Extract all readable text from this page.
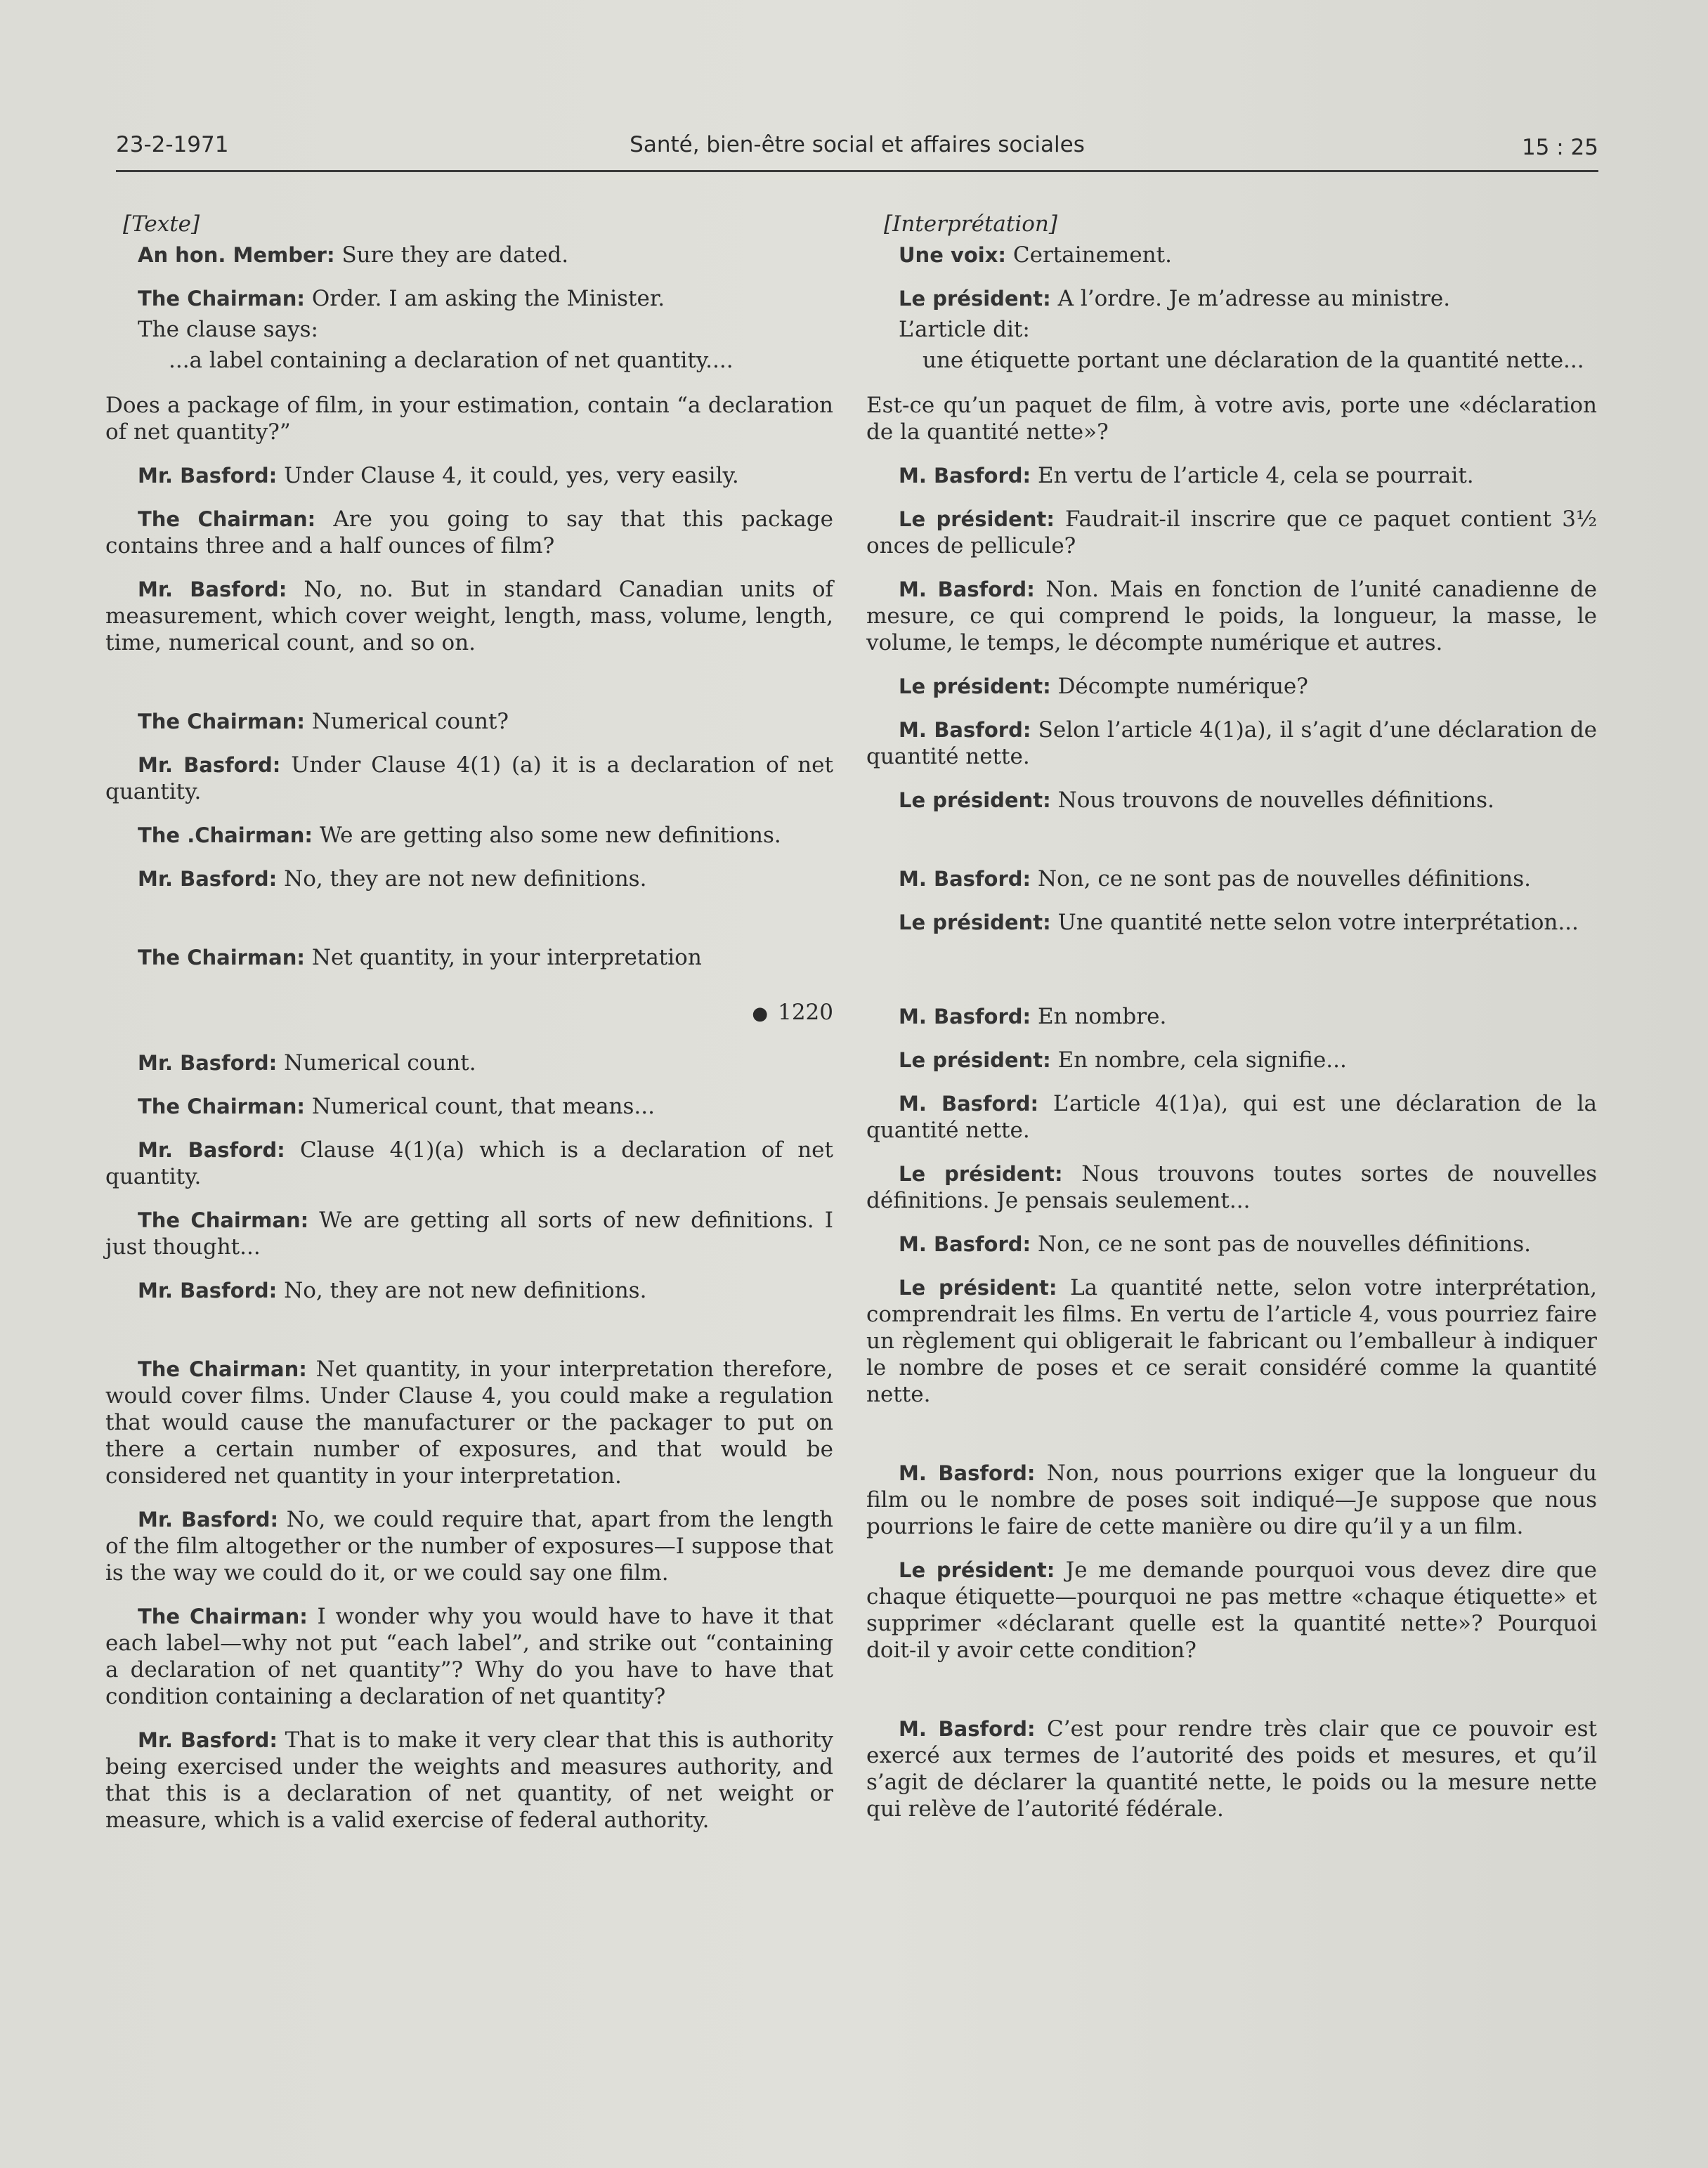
23-2-1971	Santé, bien-être social et affaires sociales	15 : 25
[Texte]
An hon. Member: Sure they are dated.
The Chairman: Order. I am asking the Minister.
The clause says:
...a label containing a declaration of net quantity....
Does a package of film, in your estimation, contain “a declaration of net quantity?”
Mr. Basford: Under Clause 4, it could, yes, very easily.
The Chairman: Are you going to say that this package contains three and a half ounces of film?
Mr. Basford: No, no. But in standard Canadian units of measurement, which cover weight, length, mass, volume, length, time, numerical count, and so on.
The Chairman: Numerical count?
Mr. Basford: Under Clause 4(1) (a) it is a declaration of net quantity.
The .Chairman: We are getting also some new definitions.
Mr. Basford: No, they are not new definitions.
The Chairman: Net quantity, in your interpretation
● 1220
Mr. Basford: Numerical count.
The Chairman: Numerical count, that means...
Mr. Basford: Clause 4(1)(a) which is a declaration of net quantity.
The Chairman: We are getting all sorts of new definitions. I just thought...
Mr. Basford: No, they are not new definitions.
The Chairman: Net quantity, in your interpretation therefore, would cover films. Under Clause 4, you could make a regulation that would cause the manufacturer or the packager to put on there a certain number of exposures, and that would be considered net quantity in your interpretation.
Mr. Basford: No, we could require that, apart from the length of the film altogether or the number of exposures—I suppose that is the way we could do it, or we could say one film.
The Chairman: I wonder why you would have to have it that each label—why not put “each label”, and strike out “containing a declaration of net quantity”? Why do you have to have that condition containing a declaration of net quantity?
Mr. Basford: That is to make it very clear that this is authority being exercised under the weights and measures authority, and that this is a declaration of net quantity, of net weight or measure, which is a valid exercise of federal authority.
[Interprétation]
Une voix: Certainement.
Le président: A l’ordre. Je m’adresse au ministre.
L’article dit:
une étiquette portant une déclaration de la quantité nette...
Est-ce qu’un paquet de film, à votre avis, porte une «déclaration de la quantité nette»?
M. Basford: En vertu de l’article 4, cela se pourrait.
Le président: Faudrait-il inscrire que ce paquet contient 3½ onces de pellicule?
M. Basford: Non. Mais en fonction de l’unité canadienne de mesure, ce qui comprend le poids, la longueur, la masse, le volume, le temps, le décompte numérique et autres.
Le président: Décompte numérique?
M. Basford: Selon l’article 4(1)a), il s’agit d’une déclaration de quantité nette.
Le président: Nous trouvons de nouvelles définitions.
M. Basford: Non, ce ne sont pas de nouvelles définitions.
Le président: Une quantité nette selon votre interprétation...
M. Basford: En nombre.
Le président: En nombre, cela signifie...
M. Basford: L’article 4(1)a), qui est une déclaration de la quantité nette.
Le président: Nous trouvons toutes sortes de nouvelles définitions. Je pensais seulement...
M. Basford: Non, ce ne sont pas de nouvelles définitions.
Le président: La quantité nette, selon votre interprétation, comprendrait les films. En vertu de l’article 4, vous pourriez faire un règlement qui obligerait le fabricant ou l’emballeur à indiquer le nombre de poses et ce serait considéré comme la quantité nette.
M. Basford: Non, nous pourrions exiger que la longueur du film ou le nombre de poses soit indiqué—Je suppose que nous pourrions le faire de cette manière ou dire qu’il y a un film.
Le président: Je me demande pourquoi vous devez dire que chaque étiquette—pourquoi ne pas mettre «chaque étiquette» et supprimer «déclarant quelle est la quantité nette»? Pourquoi doit-il y avoir cette condition?
M. Basford: C’est pour rendre très clair que ce pouvoir est exercé aux termes de l’autorité des poids et mesures, et qu’il s’agit de déclarer la quantité nette, le poids ou la mesure nette qui relève de l’autorité fédérale.
